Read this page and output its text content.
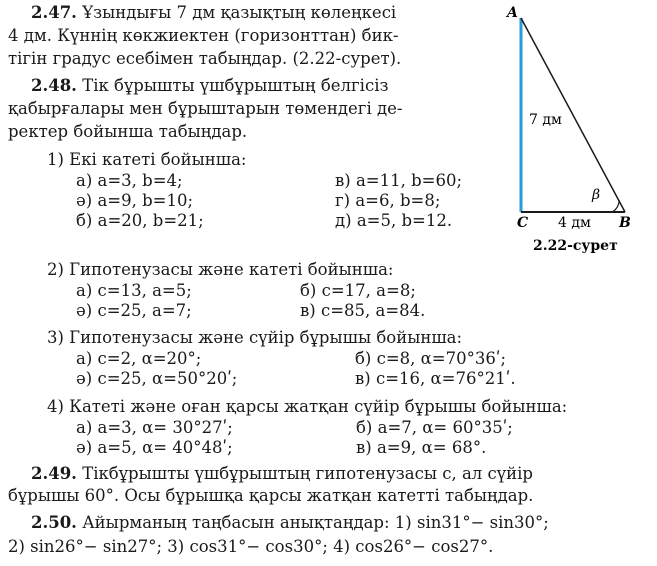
2.47. Ұзындығы 7 дм қазықтың көлеңкесі
4 дм. Күннің көкжиектен (горизонттан) бик-
тігін градус есебімен табыңдар. (2.22-сурет).
2.48. Тік бұрышты үшбұрыштың белгісіз
қабырғалары мен бұрыштарын төмендегі де-
ректер бойынша табыңдар.
1) Екі катеті бойынша:
а) a=3, b=4;	в) a=11, b=60;
ә) a=9, b=10;	г) a=6, b=8;
б) a=20, b=21;	д) a=5, b=12.
2) Гипотенузасы және катеті бойынша:
а) c=13, a=5;	б) c=17, a=8;
ә) c=25, a=7;	в) c=85, a=84.
3) Гипотенузасы және сүйір бұрышы бойынша:
а) c=2, α=20°;	б) c=8, α=70°36ʹ;
ә) c=25, α=50°20ʹ;	в) c=16, α=76°21ʹ.
4) Катеті және оған қарсы жатқан сүйір бұрышы бойынша:
а) a=3, α= 30°27ʹ;	б) a=7, α= 60°35ʹ;
ә) a=5, α= 40°48ʹ;	в) a=9, α= 68°.
2.49. Тікбұрышты үшбұрыштың гипотенузасы c, ал сүйір
бұрышы 60°. Осы бұрышқа қарсы жатқан катетті табыңдар.
2.50. Айырманың таңбасын анықтаңдар: 1) sin31°− sin30°;
2) sin26°− sin27°; 3) cos31°− cos30°; 4) cos26°− cos27°.
A
B
C
7 дм
4 дм
β
2.22-сурет
